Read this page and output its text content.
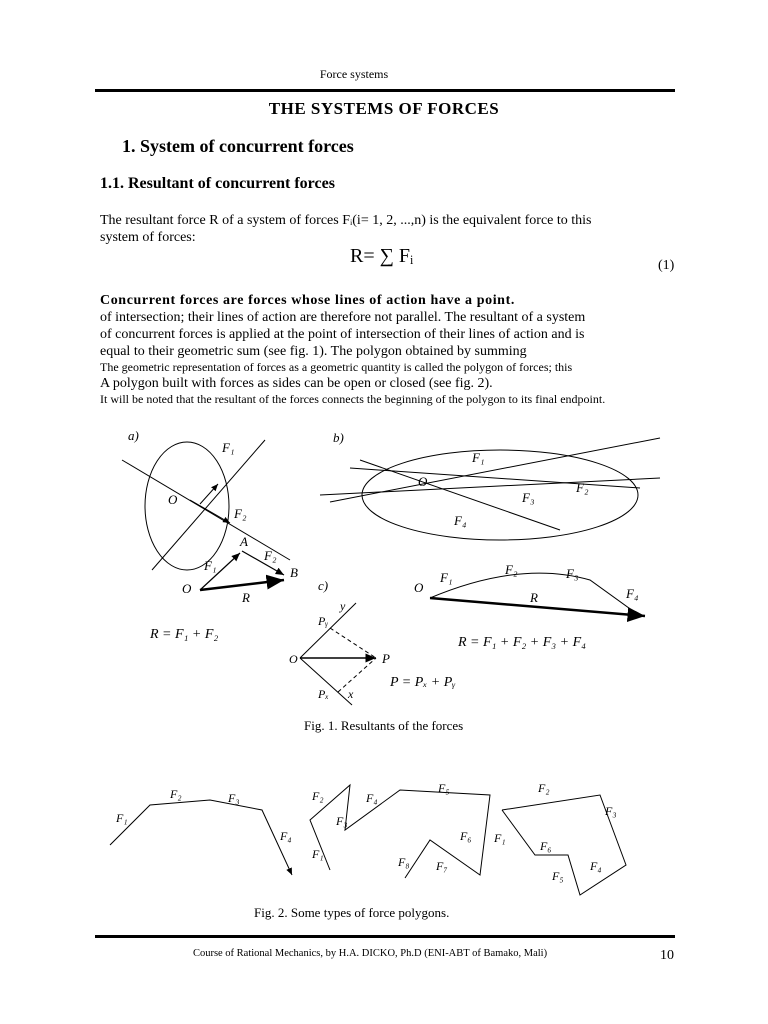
Force systems
THE SYSTEMS OF FORCES
1. System of concurrent forces
1.1. Resultant of concurrent forces
The resultant force R of a system of forces Fᵢ(i= 1, 2, ...,n) is the equivalent force to this
system of forces:
R= ∑ Fᵢ	(1)
Concurrent forces are forces whose lines of action have a point.
of intersection; their lines of action are therefore not parallel. The resultant of a system
of concurrent forces is applied at the point of intersection of their lines of action and is
equal to their geometric sum (see fig. 1). The polygon obtained by summing
The geometric representation of forces as a geometric quantity is called the polygon of forces; this
A polygon built with forces as sides can be open or closed (see fig. 2).
It will be noted that the resultant of the forces connects the beginning of the polygon to its final endpoint.
a)
O
F₁
F₂
O
A
B
F₁
F₂
R
R = F₁ + F₂
b)
O
F₁
F₂
F₃
F₄
c)
O	P
y
x
Pᵧ
Pₓ
P = Pₓ + Pᵧ
O
F₁
F₂	F₃
F₄
R
R = F₁ + F₂ + F₃ + F₄
Fig. 1. Resultants of the forces
F₁
F₂	F₃
F₄
F₂
F₃
F₄
F₅
F₆
F₇
F₈
F₁
F₂
F₃
F₁
F₆
F₄
F₅
Fig. 2. Some types of force polygons.
Course of Rational Mechanics, by H.A. DICKO, Ph.D (ENI-ABT of Bamako, Mali)	10
